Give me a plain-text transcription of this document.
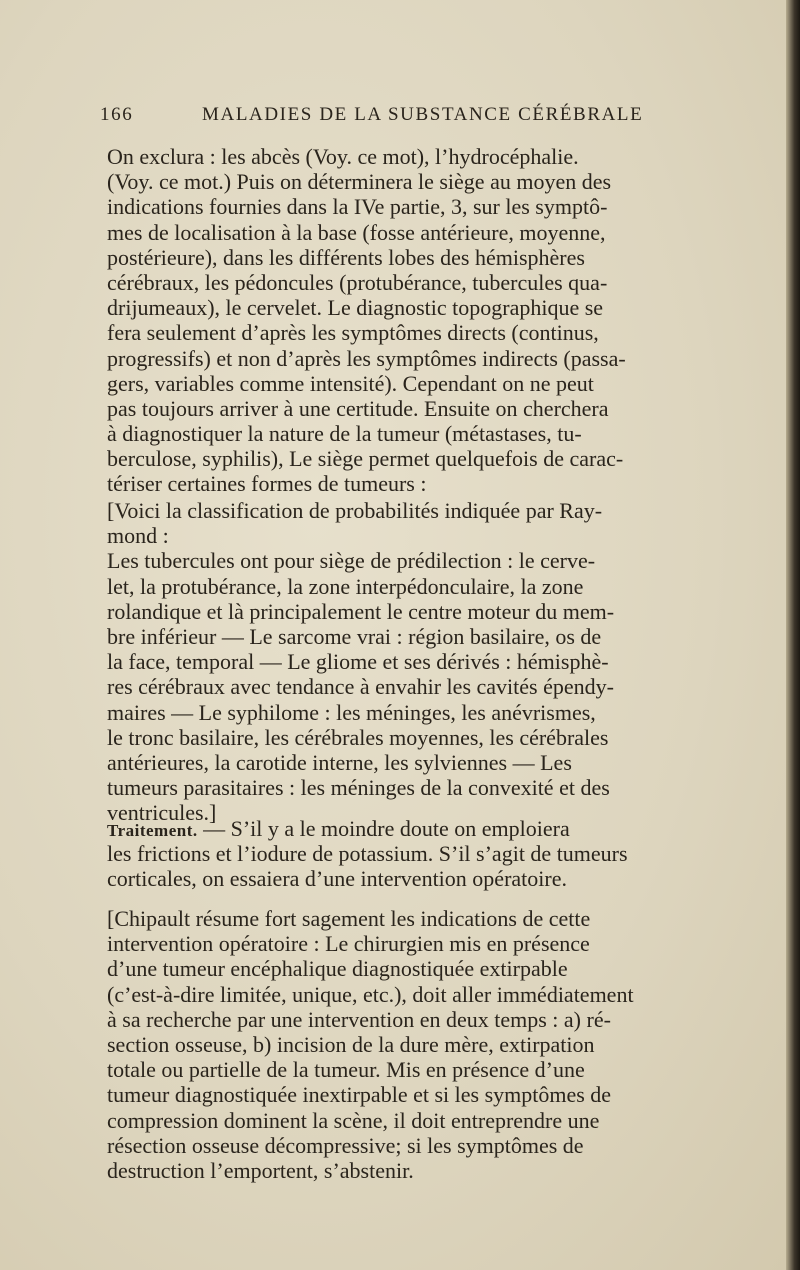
166	MALADIES DE LA SUBSTANCE CÉRÉBRALE
On exclura : les abcès (Voy. ce mot), l’hydrocéphalie.
(Voy. ce mot.) Puis on déterminera le siège au moyen des
indications fournies dans la IVe partie, 3, sur les symptô-
mes de localisation à la base (fosse antérieure, moyenne,
postérieure), dans les différents lobes des hémisphères
cérébraux, les pédoncules (protubérance, tubercules qua-
drijumeaux), le cervelet. Le diagnostic topographique se
fera seulement d’après les symptômes directs (continus,
progressifs) et non d’après les symptômes indirects (passa-
gers, variables comme intensité). Cependant on ne peut
pas toujours arriver à une certitude. Ensuite on cherchera
à diagnostiquer la nature de la tumeur (métastases, tu-
berculose, syphilis), Le siège permet quelquefois de carac-
tériser certaines formes de tumeurs :
[Voici la classification de probabilités indiquée par Ray-
mond :
Les tubercules ont pour siège de prédilection : le cerve-
let, la protubérance, la zone interpédonculaire, la zone
rolandique et là principalement le centre moteur du mem-
bre inférieur — Le sarcome vrai : région basilaire, os de
la face, temporal — Le gliome et ses dérivés : hémisphè-
res cérébraux avec tendance à envahir les cavités épendy-
maires — Le syphilome : les méninges, les anévrismes,
le tronc basilaire, les cérébrales moyennes, les cérébrales
antérieures, la carotide interne, les sylviennes — Les
tumeurs parasitaires : les méninges de la convexité et des
ventricules.]
Traitement. — S’il y a le moindre doute on emploiera
les frictions et l’iodure de potassium. S’il s’agit de tumeurs
corticales, on essaiera d’une intervention opératoire.
[Chipault résume fort sagement les indications de cette
intervention opératoire : Le chirurgien mis en présence
d’une tumeur encéphalique diagnostiquée extirpable
(c’est-à-dire limitée, unique, etc.), doit aller immédiatement
à sa recherche par une intervention en deux temps : a) ré-
section osseuse, b) incision de la dure mère, extirpation
totale ou partielle de la tumeur. Mis en présence d’une
tumeur diagnostiquée inextirpable et si les symptômes de
compression dominent la scène, il doit entreprendre une
résection osseuse décompressive; si les symptômes de
destruction l’emportent, s’abstenir.
